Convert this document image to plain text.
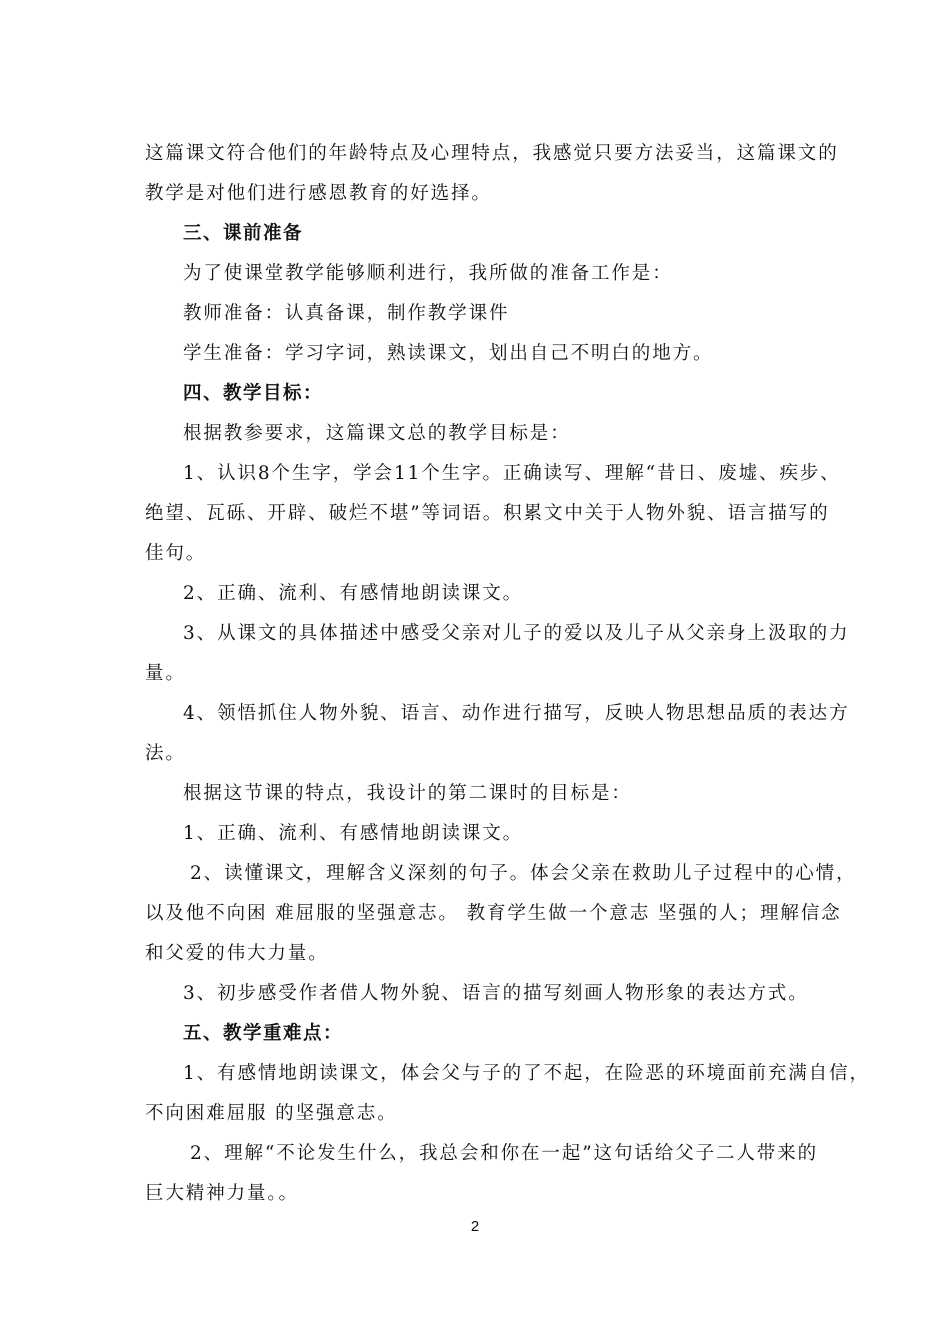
这篇课文符合他们的年龄特点及心理特点，我感觉只要方法妥当，这篇课文的
教学是对他们进行感恩教育的好选择。
三、课前准备
为了使课堂教学能够顺利进行，我所做的准备工作是：
教师准备：认真备课，制作教学课件
学生准备：学习字词，熟读课文，划出自己不明白的地方。
四、教学目标：
根据教参要求，这篇课文总的教学目标是：
1、认识8个生字，学会11个生字。正确读写、理解“昔日、废墟、疾步、
绝望、瓦砾、开辟、破烂不堪”等词语。积累文中关于人物外貌、语言描写的
佳句。
2、正确、流利、有感情地朗读课文。
3、从课文的具体描述中感受父亲对儿子的爱以及儿子从父亲身上汲取的力
量。
4、领悟抓住人物外貌、语言、动作进行描写，反映人物思想品质的表达方
法。
根据这节课的特点，我设计的第二课时的目标是：
1、正确、流利、有感情地朗读课文。
2、读懂课文，理解含义深刻的句子。体会父亲在救助儿子过程中的心情，
以及他不向困 难屈服的坚强意志。 教育学生做一个意志 坚强的人；理解信念
和父爱的伟大力量。
3、初步感受作者借人物外貌、语言的描写刻画人物形象的表达方式。
五、教学重难点：
1、有感情地朗读课文，体会父与子的了不起，在险恶的环境面前充满自信，
不向困难屈服 的坚强意志。
2、理解“不论发生什么，我总会和你在一起”这句话给父子二人带来的
巨大精神力量。。
2
